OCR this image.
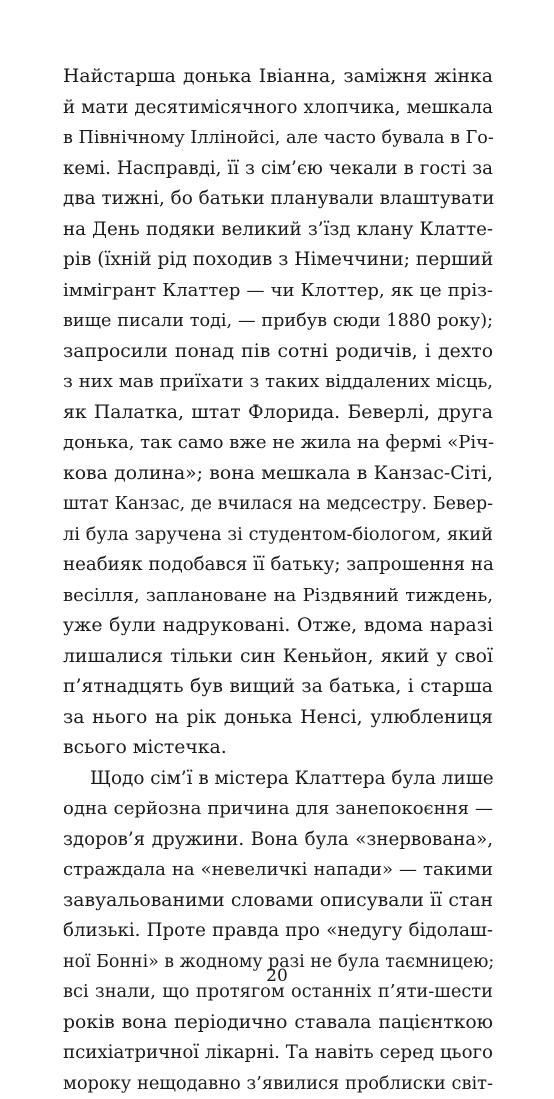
Найстарша донька Івіанна, заміжня жінка
й мати десятимісячного хлопчика, мешкала
в Північному Іллінойсі, але часто бувала в Го-
кемі. Насправді, її з сім’єю чекали в гості за
два тижні, бо батьки планували влаштувати
на День подяки великий з’їзд клану Клаттe-
рів (їхній рід походив з Німеччини; перший
іммігрант Клаттер — чи Клоттер, як це пріз-
вище писали тоді, — прибув сюди 1880 року);
запросили понад пів сотні родичів, і дехто
з них мав приїхати з таких віддалених місць,
як Палатка, штат Флорида. Беверлі, друга
донька, так само вже не жила на фермі «Річ-
кова долина»; вона мешкала в Канзас-Сіті,
штат Канзас, де вчилася на медсестру. Бевер-
лі була заручена зі студентом-біологом, який
неабияк подобався її батьку; запрошення на
весілля, заплановане на Різдвяний тиждень,
уже були надруковані. Отже, вдома наразі
лишалися тільки син Кеньйон, який у свої
п’ятнадцять був вищий за батька, і старша
за нього на рік донька Ненсі, улюблениця
всього містечка.
Щодо сім’ї в містера Клаттера була лише
одна серйозна причина для занепокоєння —
здоров’я дружини. Вона була «знервована»,
страждала на «невеличкі напади» — такими
завуальованими словами описували її стан
близькі. Проте правда про «недугу бідолаш-
ної Бонні» в жодному разі не була таємницею;
всі знали, що протягом останніх п’яти-шести
років вона періодично ставала пацієнткою
психіатричної лікарні. Та навіть серед цього
мороку нещодавно з’явилися проблиски світ-
20
